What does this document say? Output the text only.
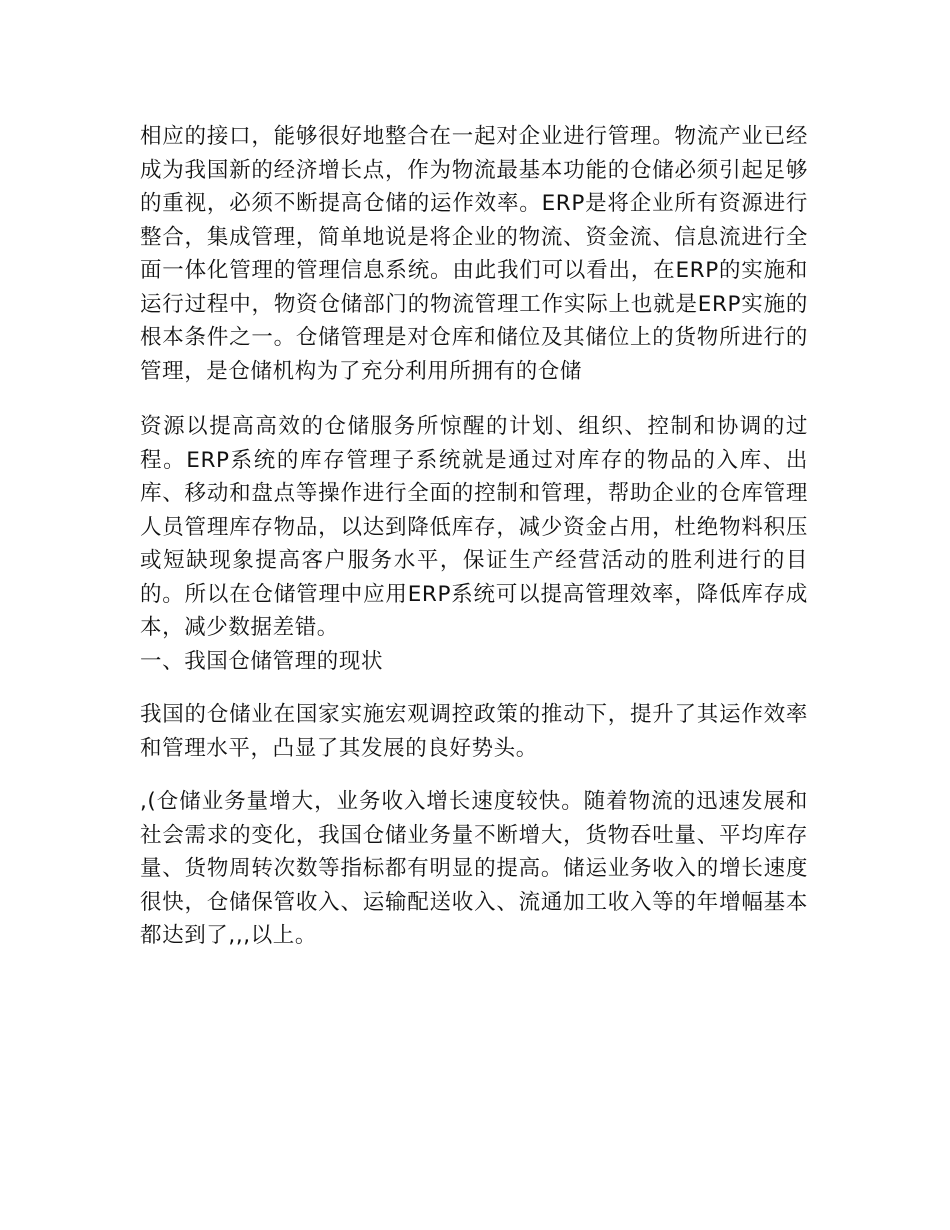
相应的接口，能够很好地整合在一起对企业进行管理。物流产业已经成为我国新的经济增长点，作为物流最基本功能的仓储必须引起足够的重视，必须不断提高仓储的运作效率。ERP是将企业所有资源进行整合，集成管理，简单地说是将企业的物流、资金流、信息流进行全面一体化管理的管理信息系统。由此我们可以看出，在ERP的实施和运行过程中，物资仓储部门的物流管理工作实际上也就是ERP实施的根本条件之一。仓储管理是对仓库和储位及其储位上的货物所进行的管理，是仓储机构为了充分利用所拥有的仓储

资源以提高高效的仓储服务所惊醒的计划、组织、控制和协调的过程。ERP系统的库存管理子系统就是通过对库存的物品的入库、出库、移动和盘点等操作进行全面的控制和管理，帮助企业的仓库管理人员管理库存物品，以达到降低库存，减少资金占用，杜绝物料积压或短缺现象提高客户服务水平，保证生产经营活动的胜利进行的目的。所以在仓储管理中应用ERP系统可以提高管理效率，降低库存成本，减少数据差错。

一、我国仓储管理的现状

我国的仓储业在国家实施宏观调控政策的推动下，提升了其运作效率和管理水平，凸显了其发展的良好势头。

,(仓储业务量增大，业务收入增长速度较快。随着物流的迅速发展和社会需求的变化，我国仓储业务量不断增大，货物吞吐量、平均库存量、货物周转次数等指标都有明显的提高。储运业务收入的增长速度很快，仓储保管收入、运输配送收入、流通加工收入等的年增幅基本都达到了,,,以上。
